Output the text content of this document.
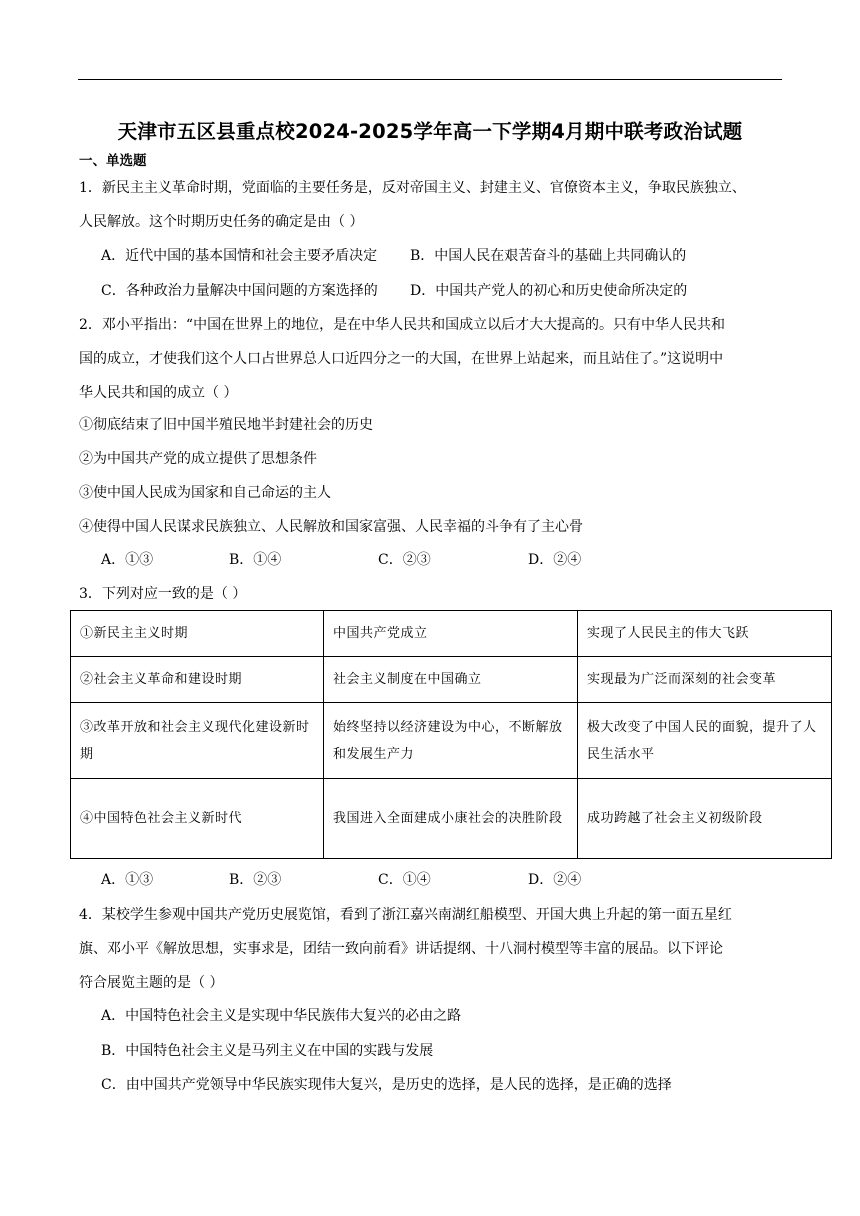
天津市五区县重点校2024-2025学年高一下学期4月期中联考政治试题
一、单选题
1．新民主主义革命时期，党面临的主要任务是，反对帝国主义、封建主义、官僚资本主义，争取民族独立、
人民解放。这个时期历史任务的确定是由（ ）
A．近代中国的基本国情和社会主要矛盾决定 B．中国人民在艰苦奋斗的基础上共同确认的
C．各种政治力量解决中国问题的方案选择的 D．中国共产党人的初心和历史使命所决定的
2．邓小平指出：“中国在世界上的地位，是在中华人民共和国成立以后才大大提高的。只有中华人民共和
国的成立，才使我们这个人口占世界总人口近四分之一的大国，在世界上站起来，而且站住了。”这说明中
华人民共和国的成立（ ）
①彻底结束了旧中国半殖民地半封建社会的历史
②为中国共产党的成立提供了思想条件
③使中国人民成为国家和自己命运的主人
④使得中国人民谋求民族独立、人民解放和国家富强、人民幸福的斗争有了主心骨
A．①③	B．①④	C．②③	D．②④
3．下列对应一致的是（ ）
①新民主主义时期	中国共产党成立	实现了人民民主的伟大飞跃
②社会主义革命和建设时期	社会主义制度在中国确立	实现最为广泛而深刻的社会变革
③改革开放和社会主义现代化建设新时期	始终坚持以经济建设为中心，不断解放和发展生产力	极大改变了中国人民的面貌，提升了人民生活水平
④中国特色社会主义新时代	我国进入全面建成小康社会的决胜阶段	成功跨越了社会主义初级阶段
A．①③	B．②③	C．①④	D．②④
4．某校学生参观中国共产党历史展览馆，看到了浙江嘉兴南湖红船模型、开国大典上升起的第一面五星红
旗、邓小平《解放思想，实事求是，团结一致向前看》讲话提纲、十八洞村模型等丰富的展品。以下评论
符合展览主题的是（ ）
A．中国特色社会主义是实现中华民族伟大复兴的必由之路
B．中国特色社会主义是马列主义在中国的实践与发展
C．由中国共产党领导中华民族实现伟大复兴，是历史的选择，是人民的选择，是正确的选择
